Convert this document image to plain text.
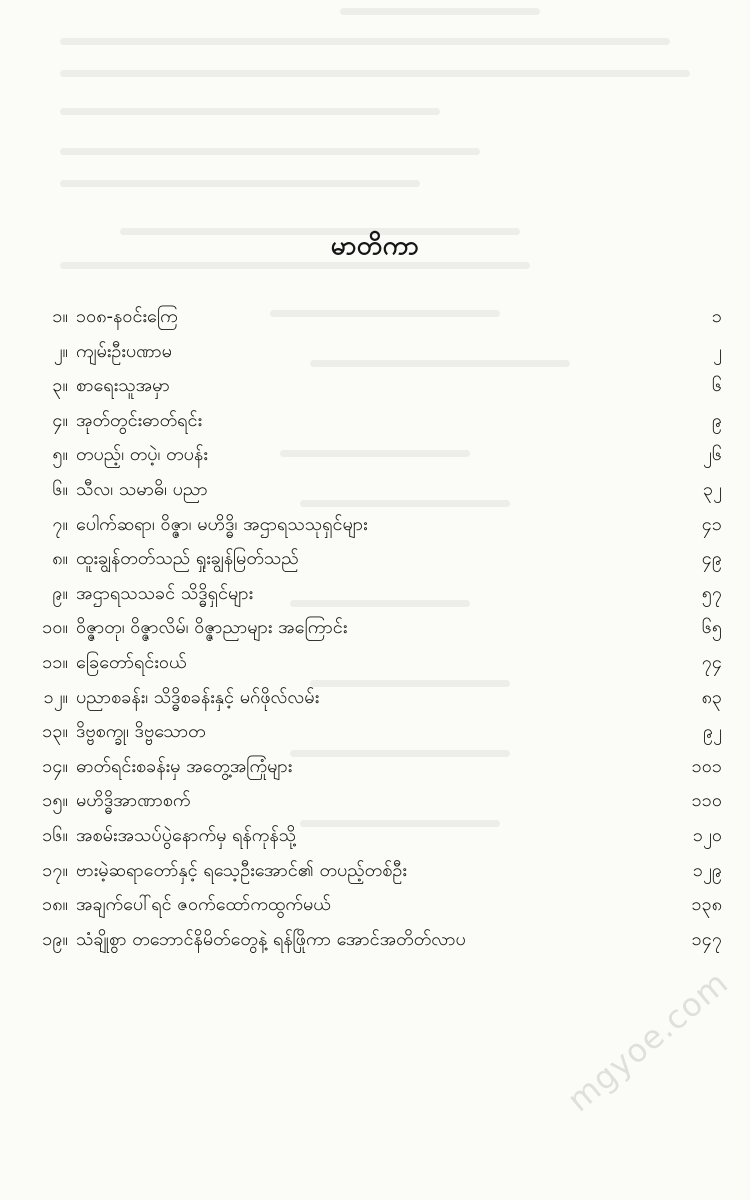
မာတိကာ
၁။ ၁၀၈-နဝင်းကြေ	၁
၂။ ကျမ်းဦးပဏာမ	၂
၃။ စာရေးသူအမှာ	၆
၄။ အုတ်တွင်းဓာတ်ရင်း	၉
၅။ တပည့်၊ တပဲ့၊ တပန်း	၂၆
၆။ သီလ၊ သမာဓိ၊ ပညာ	၃၂
၇။ ပေါက်ဆရာ၊ ဝိဇ္ဇာ၊ မဟိဒ္ဓိ၊ အဌာရသသုရှင်များ	၄၁
၈။ ထူးချွန်တတ်သည် ရှုးချွန်မြတ်သည်	၄၉
၉။ အဌာရသသခင် သိဒ္ဓိရှင်များ	၅၇
၁၀။ ဝိဇ္ဇာတု၊ ဝိဇ္ဇာလိမ်၊ ဝိဇ္ဇာညာများ အကြောင်း	၆၅
၁၁။ ခြေတော်ရင်းဝယ်	၇၄
၁၂။ ပညာစခန်း၊ သိဒ္ဓိစခန်းနှင့် မဂ်ဖိုလ်လမ်း	၈၃
၁၃။ ဒိဗ္ဗစက္ခု၊ ဒိဗ္ဗသောတ	၉၂
၁၄။ ဓာတ်ရင်းစခန်းမှ အတွေ့အကြုံများ	၁၀၁
၁၅။ မဟိဒ္ဓိအာဏာစက်	၁၁၀
၁၆။ အစမ်းအသပ်ပွဲနောက်မှ ရန်ကုန်သို့	၁၂၀
၁၇။ ဗားမဲ့ဆရာတော်နှင့် ရသေ့ဦးအောင်၏ တပည့်တစ်ဦး	၁၂၉
၁၈။ အချက်ပေါ်ရင် ဇဝက်ထော်ကထွက်မယ်	၁၃၈
၁၉။ သံချိုစွာ တဘောင်နိမိတ်တွေနဲ့ ရန်ဖြိုကာ အောင်အတိတ်လာပ	၁၄၇
mgyoe.com
